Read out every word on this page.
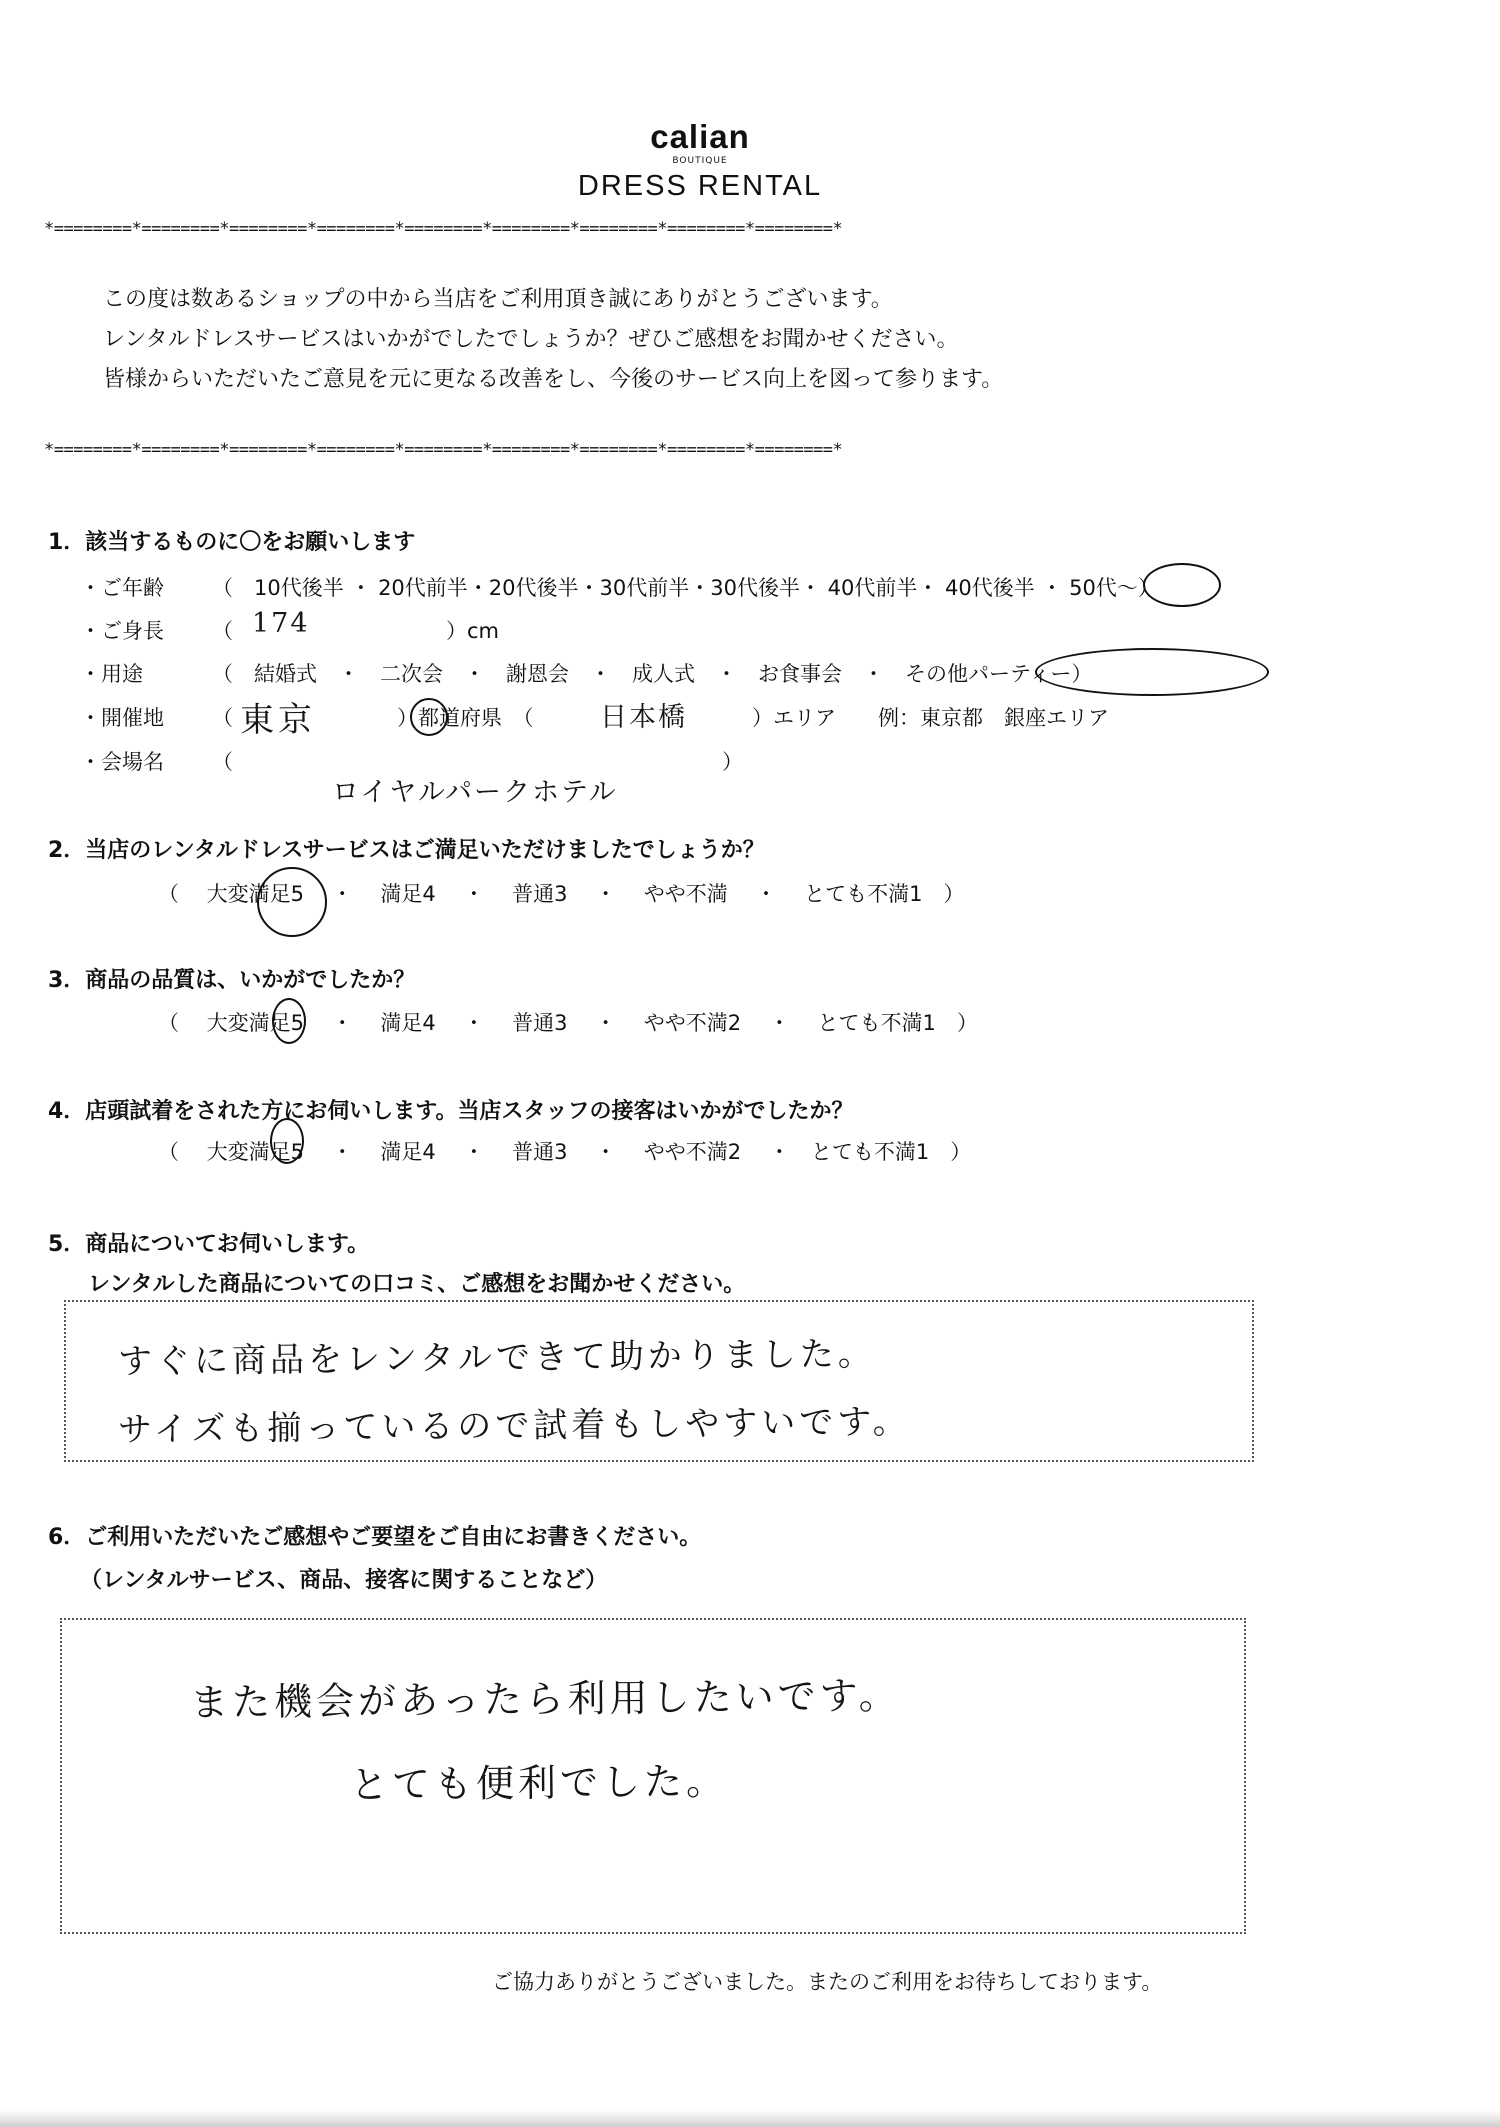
calian
BOUTIQUE
DRESS RENTAL
*========*========*========*========*========*========*========*========*========*
この度は数あるショップの中から当店をご利用頂き誠にありがとうございます。
レンタルドレスサービスはいかがでしたでしょうか？ぜひご感想をお聞かせください。
皆様からいただいたご意見を元に更なる改善をし、今後のサービス向上を図って参ります。
*========*========*========*========*========*========*========*========*========*
1．該当するものに〇をお願いします
・ご年齢 （　10代後半 ・ 20代前半・20代後半・30代前半・30代後半・ 40代前半・ 40代後半 ・ 50代～）
・ご身長 （ 174	）cm
・用途	（　結婚式　・　二次会　・　謝恩会　・　成人式　・　お食事会　・　その他パーティー）
・開催地 （ 東京	）都道府県　（ 日本橋	）エリア　　例：東京都　銀座エリア
・会場名 （	）
ロイヤルパークホテル
2．当店のレンタルドレスサービスはご満足いただけましたでしょうか？
（　 大変満足5　 ・　 満足4　 ・　 普通3　 ・　 やや不満　 ・　 とても不満1　）
3．商品の品質は、いかがでしたか？
（　 大変満足5　 ・　 満足4　 ・　 普通3　 ・　 やや不満2　 ・　 とても不満1　）
4．店頭試着をされた方にお伺いします。当店スタッフの接客はいかがでしたか？
（　 大変満足5　 ・　 満足4　 ・　 普通3　 ・　 やや不満2　 ・　とても不満1　）
5．商品についてお伺いします。
レンタルした商品についての口コミ、ご感想をお聞かせください。
すぐに商品をレンタルできて助かりました。
サイズも揃っているので試着もしやすいです。
6．ご利用いただいたご感想やご要望をご自由にお書きください。
（レンタルサービス、商品、接客に関することなど）
また機会があったら利用したいです。
とても便利でした。
ご協力ありがとうございました。またのご利用をお待ちしております。
